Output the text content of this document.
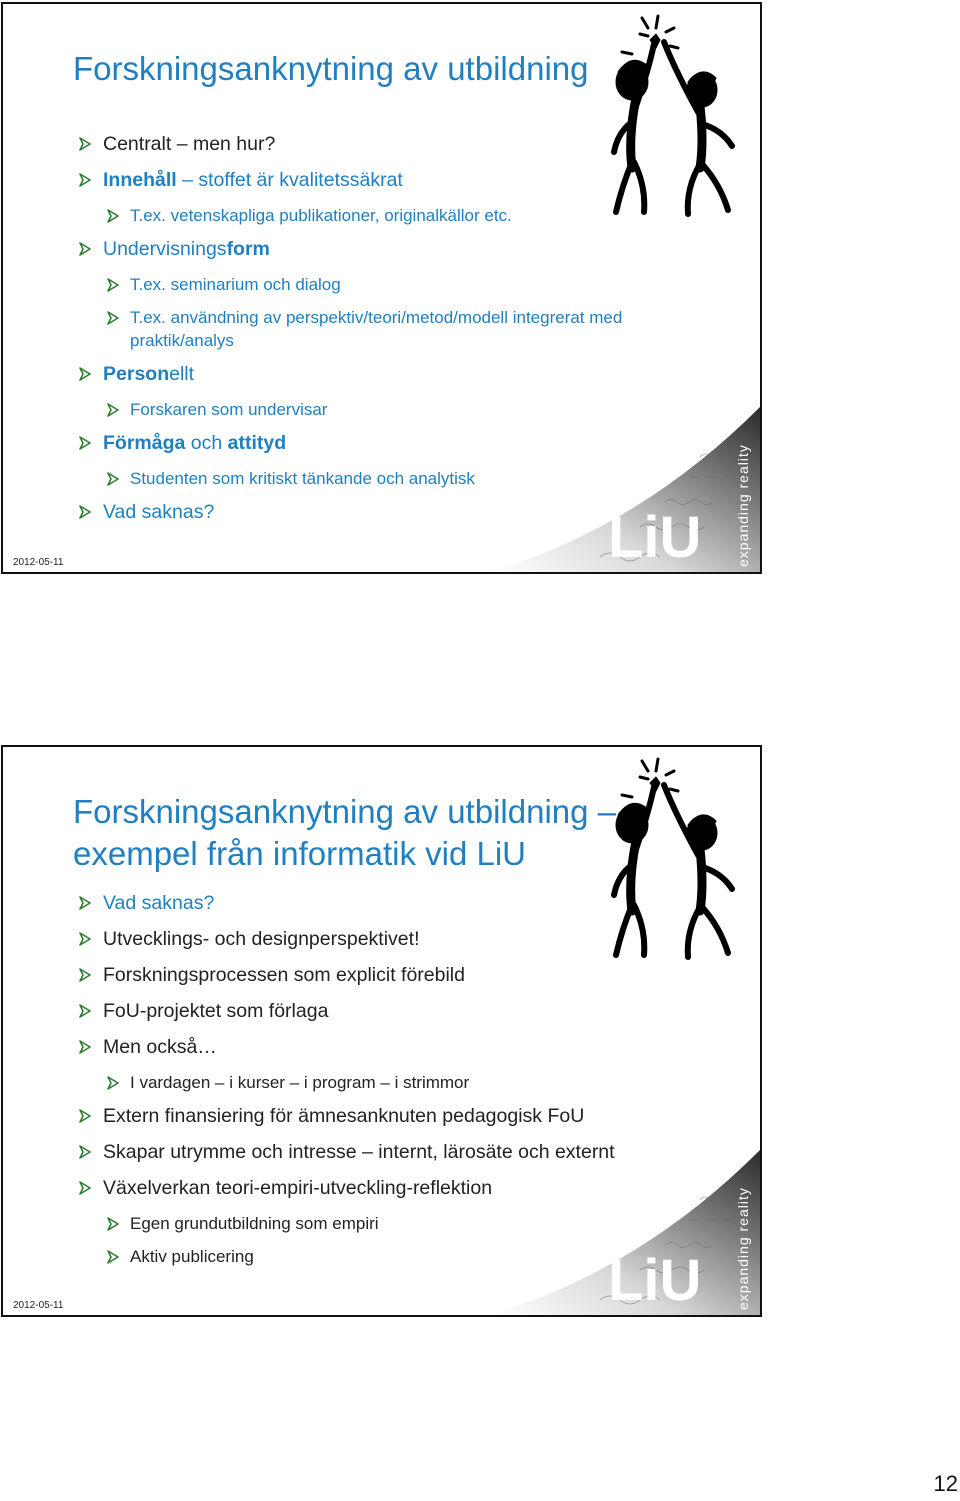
Forskningsanknytning av utbildning
Centralt – men hur?
Innehåll – stoffet är kvalitetssäkrat
T.ex. vetenskapliga publikationer, originalkällor etc.
Undervisningsform
T.ex. seminarium och dialog
T.ex. användning av perspektiv/teori/metod/modell integrerat med praktik/analys
Personellt
Forskaren som undervisar
Förmåga och attityd
Studenten som kritiskt tänkande och analytisk
Vad saknas?
2012-05-11	LiU expanding reality
Forskningsanknytning av utbildning – exempel från informatik vid LiU
Vad saknas?
Utvecklings- och designperspektivet!
Forskningsprocessen som explicit förebild
FoU-projektet som förlaga
Men också…
I vardagen – i kurser – i program – i strimmor
Extern finansiering för ämnesanknuten pedagogisk FoU
Skapar utrymme och intresse – internt, lärosäte och externt
Växelverkan teori-empiri-utveckling-reflektion
Egen grundutbildning som empiri
Aktiv publicering
2012-05-11	LiU expanding reality
12
